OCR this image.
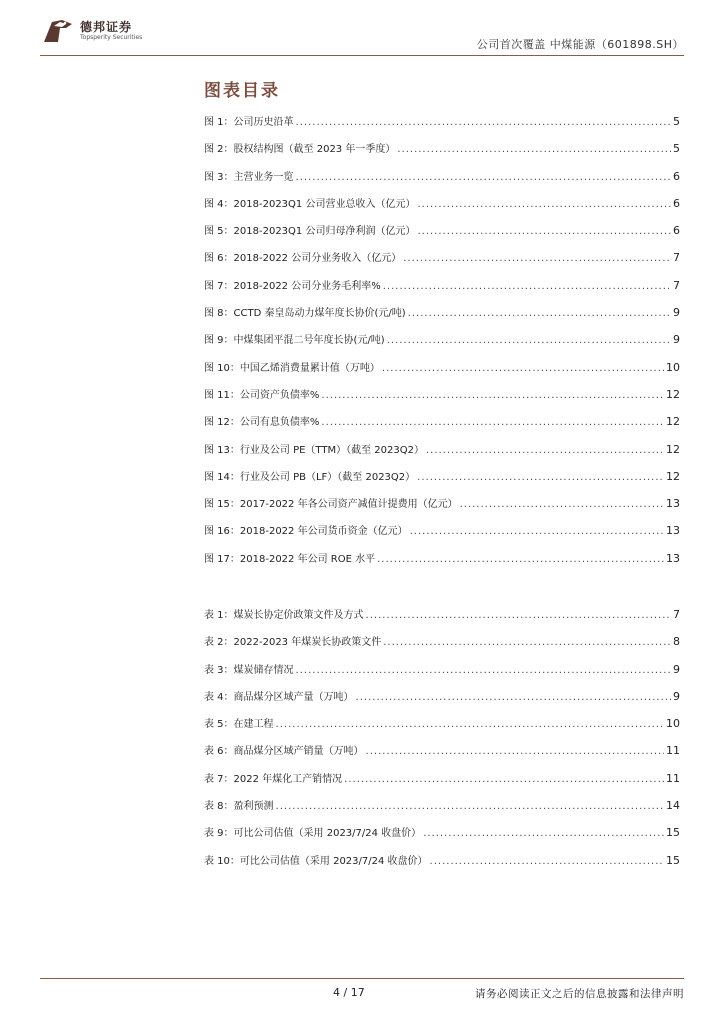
德邦证券
Topsperity Securities
公司首次覆盖 中煤能源（601898.SH）
图表目录
图 1：公司历史沿革 .....	5
图 2：股权结构图（截至 2023 年一季度） .....	5
图 3：主营业务一览 .....	6
图 4：2018-2023Q1 公司营业总收入（亿元） .....	6
图 5：2018-2023Q1 公司归母净利润（亿元） .....	6
图 6：2018-2022 公司分业务收入（亿元） .....	7
图 7：2018-2022 公司分业务毛利率% .....	7
图 8：CCTD 秦皇岛动力煤年度长协价(元/吨) .....	9
图 9：中煤集团平混二号年度长协(元/吨) .....	9
图 10：中国乙烯消费量累计值（万吨） .....	10
图 11：公司资产负债率% .....	12
图 12：公司有息负债率% .....	12
图 13：行业及公司 PE（TTM）（截至 2023Q2） .....	12
图 14：行业及公司 PB（LF）（截至 2023Q2） .....	12
图 15：2017-2022 年各公司资产减值计提费用（亿元） .....	13
图 16：2018-2022 年公司货币资金（亿元） .....	13
图 17：2018-2022 年公司 ROE 水平 .....	13
表 1：煤炭长协定价政策文件及方式 .....	7
表 2：2022-2023 年煤炭长协政策文件 .....	8
表 3：煤炭储存情况 .....	9
表 4：商品煤分区域产量（万吨） .....	9
表 5：在建工程 .....	10
表 6：商品煤分区域产销量（万吨） .....	11
表 7：2022 年煤化工产销情况 .....	11
表 8：盈利预测 .....	14
表 9：可比公司估值（采用 2023/7/24 收盘价） .....	15
表 10：可比公司估值（采用 2023/7/24 收盘价） .....	15
4 / 17	请务必阅读正文之后的信息披露和法律声明
